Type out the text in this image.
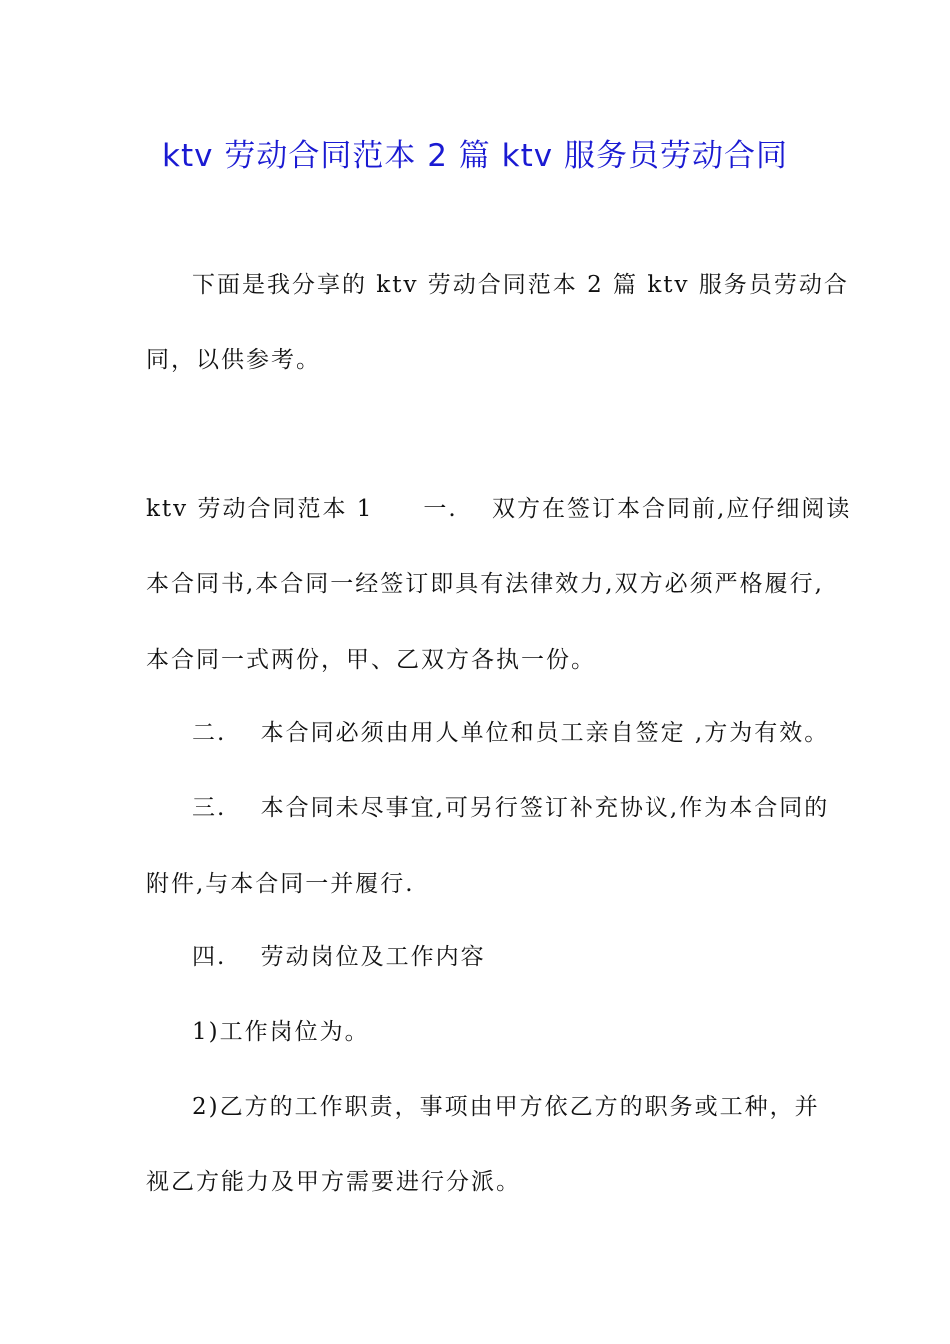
ktv 劳动合同范本 2 篇 ktv 服务员劳动合同
下面是我分享的 ktv 劳动合同范本 2 篇 ktv 服务员劳动合
同，以供参考。
ktv 劳动合同范本 1　　一.　 双方在签订本合同前,应仔细阅读
本合同书,本合同一经签订即具有法律效力,双方必须严格履行,
本合同一式两份，甲、乙双方各执一份。
二.　 本合同必须由用人单位和员工亲自签定 ,方为有效。
三.　 本合同未尽事宜,可另行签订补充协议,作为本合同的
附件,与本合同一并履行.
四.　 劳动岗位及工作内容
1)工作岗位为。
2)乙方的工作职责，事项由甲方依乙方的职务或工种，并
视乙方能力及甲方需要进行分派。
